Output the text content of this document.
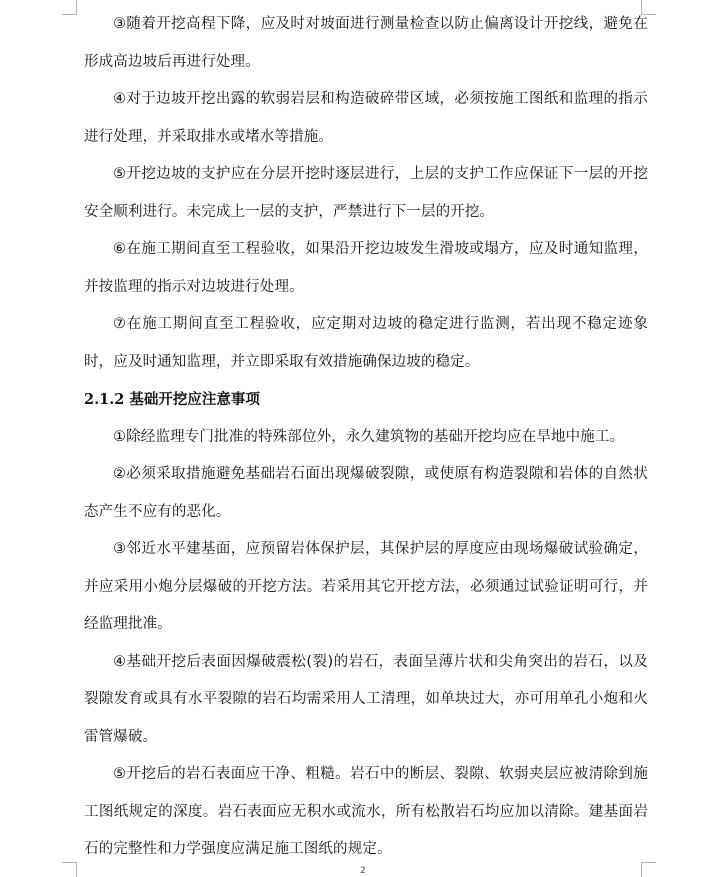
③随着开挖高程下降，应及时对坡面进行测量检查以防止偏离设计开挖线，避免在形成高边坡后再进行处理。

④对于边坡开挖出露的软弱岩层和构造破碎带区域，必须按施工图纸和监理的指示进行处理，并采取排水或堵水等措施。

⑤开挖边坡的支护应在分层开挖时逐层进行，上层的支护工作应保证下一层的开挖安全顺利进行。未完成上一层的支护，严禁进行下一层的开挖。

⑥在施工期间直至工程验收，如果沿开挖边坡发生滑坡或塌方，应及时通知监理，并按监理的指示对边坡进行处理。

⑦在施工期间直至工程验收，应定期对边坡的稳定进行监测，若出现不稳定迹象时，应及时通知监理，并立即采取有效措施确保边坡的稳定。

2.1.2 基础开挖应注意事项

①除经监理专门批准的特殊部位外，永久建筑物的基础开挖均应在旱地中施工。

②必须采取措施避免基础岩石面出现爆破裂隙，或使原有构造裂隙和岩体的自然状态产生不应有的恶化。

③邻近水平建基面，应预留岩体保护层，其保护层的厚度应由现场爆破试验确定，并应采用小炮分层爆破的开挖方法。若采用其它开挖方法，必须通过试验证明可行，并经监理批准。

④基础开挖后表面因爆破震松(裂)的岩石，表面呈薄片状和尖角突出的岩石，以及裂隙发育或具有水平裂隙的岩石均需采用人工清理，如单块过大，亦可用单孔小炮和火雷管爆破。

⑤开挖后的岩石表面应干净、粗糙。岩石中的断层、裂隙、软弱夹层应被清除到施工图纸规定的深度。岩石表面应无积水或流水，所有松散岩石均应加以清除。建基面岩石的完整性和力学强度应满足施工图纸的规定。

2
